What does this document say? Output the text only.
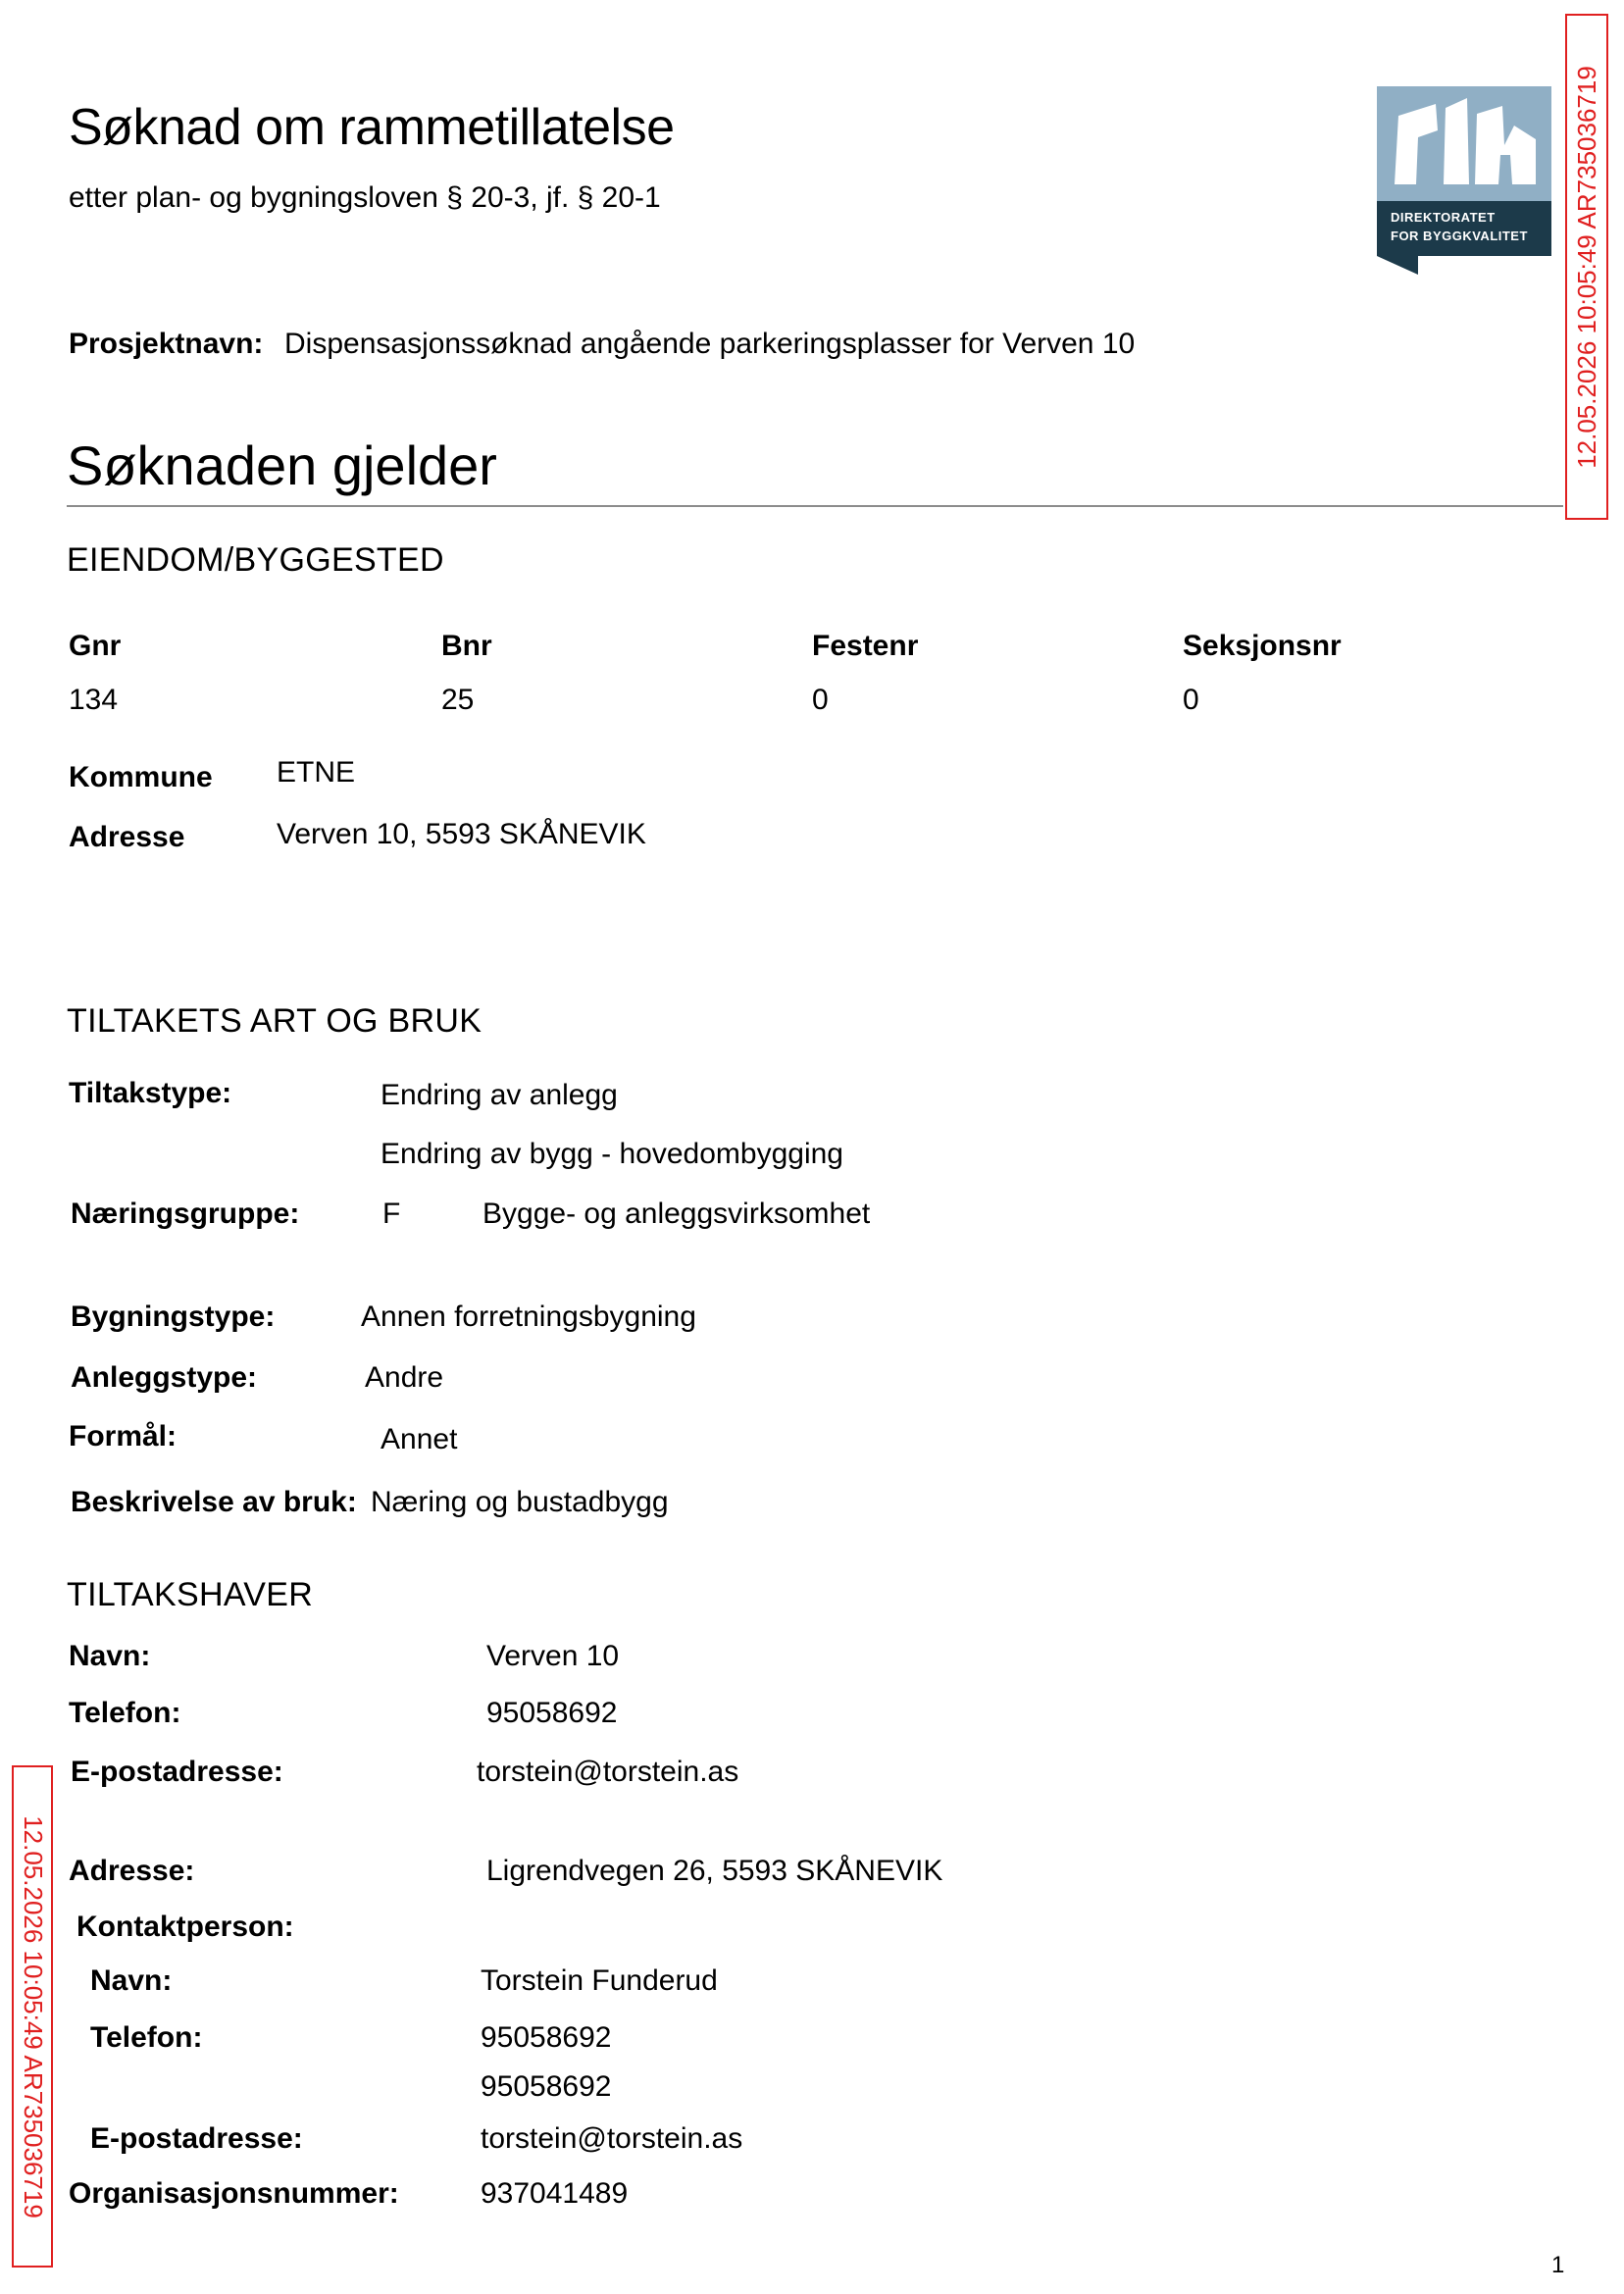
Søknad om rammetillatelse
etter plan- og bygningsloven § 20-3, jf. § 20-1
DIREKTORATET
FOR BYGGKVALITET 12.05.2026 10:05:49 AR735036719
12.05.2026 10:05:49 AR735036719
Prosjektnavn: Dispensasjonssøknad angående parkeringsplasser for Verven 10
Søknaden gjelder
EIENDOM/BYGGESTED
Gnr	Bnr	Festenr	Seksjonsnr
134	25	0	0
Kommune ETNE
Adresse	Verven 10, 5593 SKÅNEVIK
TILTAKETS ART OG BRUK
Tiltakstype:	Endring av anlegg
Endring av bygg - hovedombygging
Næringsgruppe:	F	Bygge- og anleggsvirksomhet
Bygningstype:	Annen forretningsbygning
Anleggstype:	Andre
Formål:	Annet
Beskrivelse av bruk: Næring og bustadbygg
TILTAKSHAVER
Navn:	Verven 10
Telefon:	95058692
E-postadresse:	torstein@torstein.as
Adresse:	Ligrendvegen 26, 5593 SKÅNEVIK
Kontaktperson:
Navn:	Torstein Funderud
Telefon:	95058692
95058692
E-postadresse:	torstein@torstein.as
Organisasjonsnummer:	937041489
1
